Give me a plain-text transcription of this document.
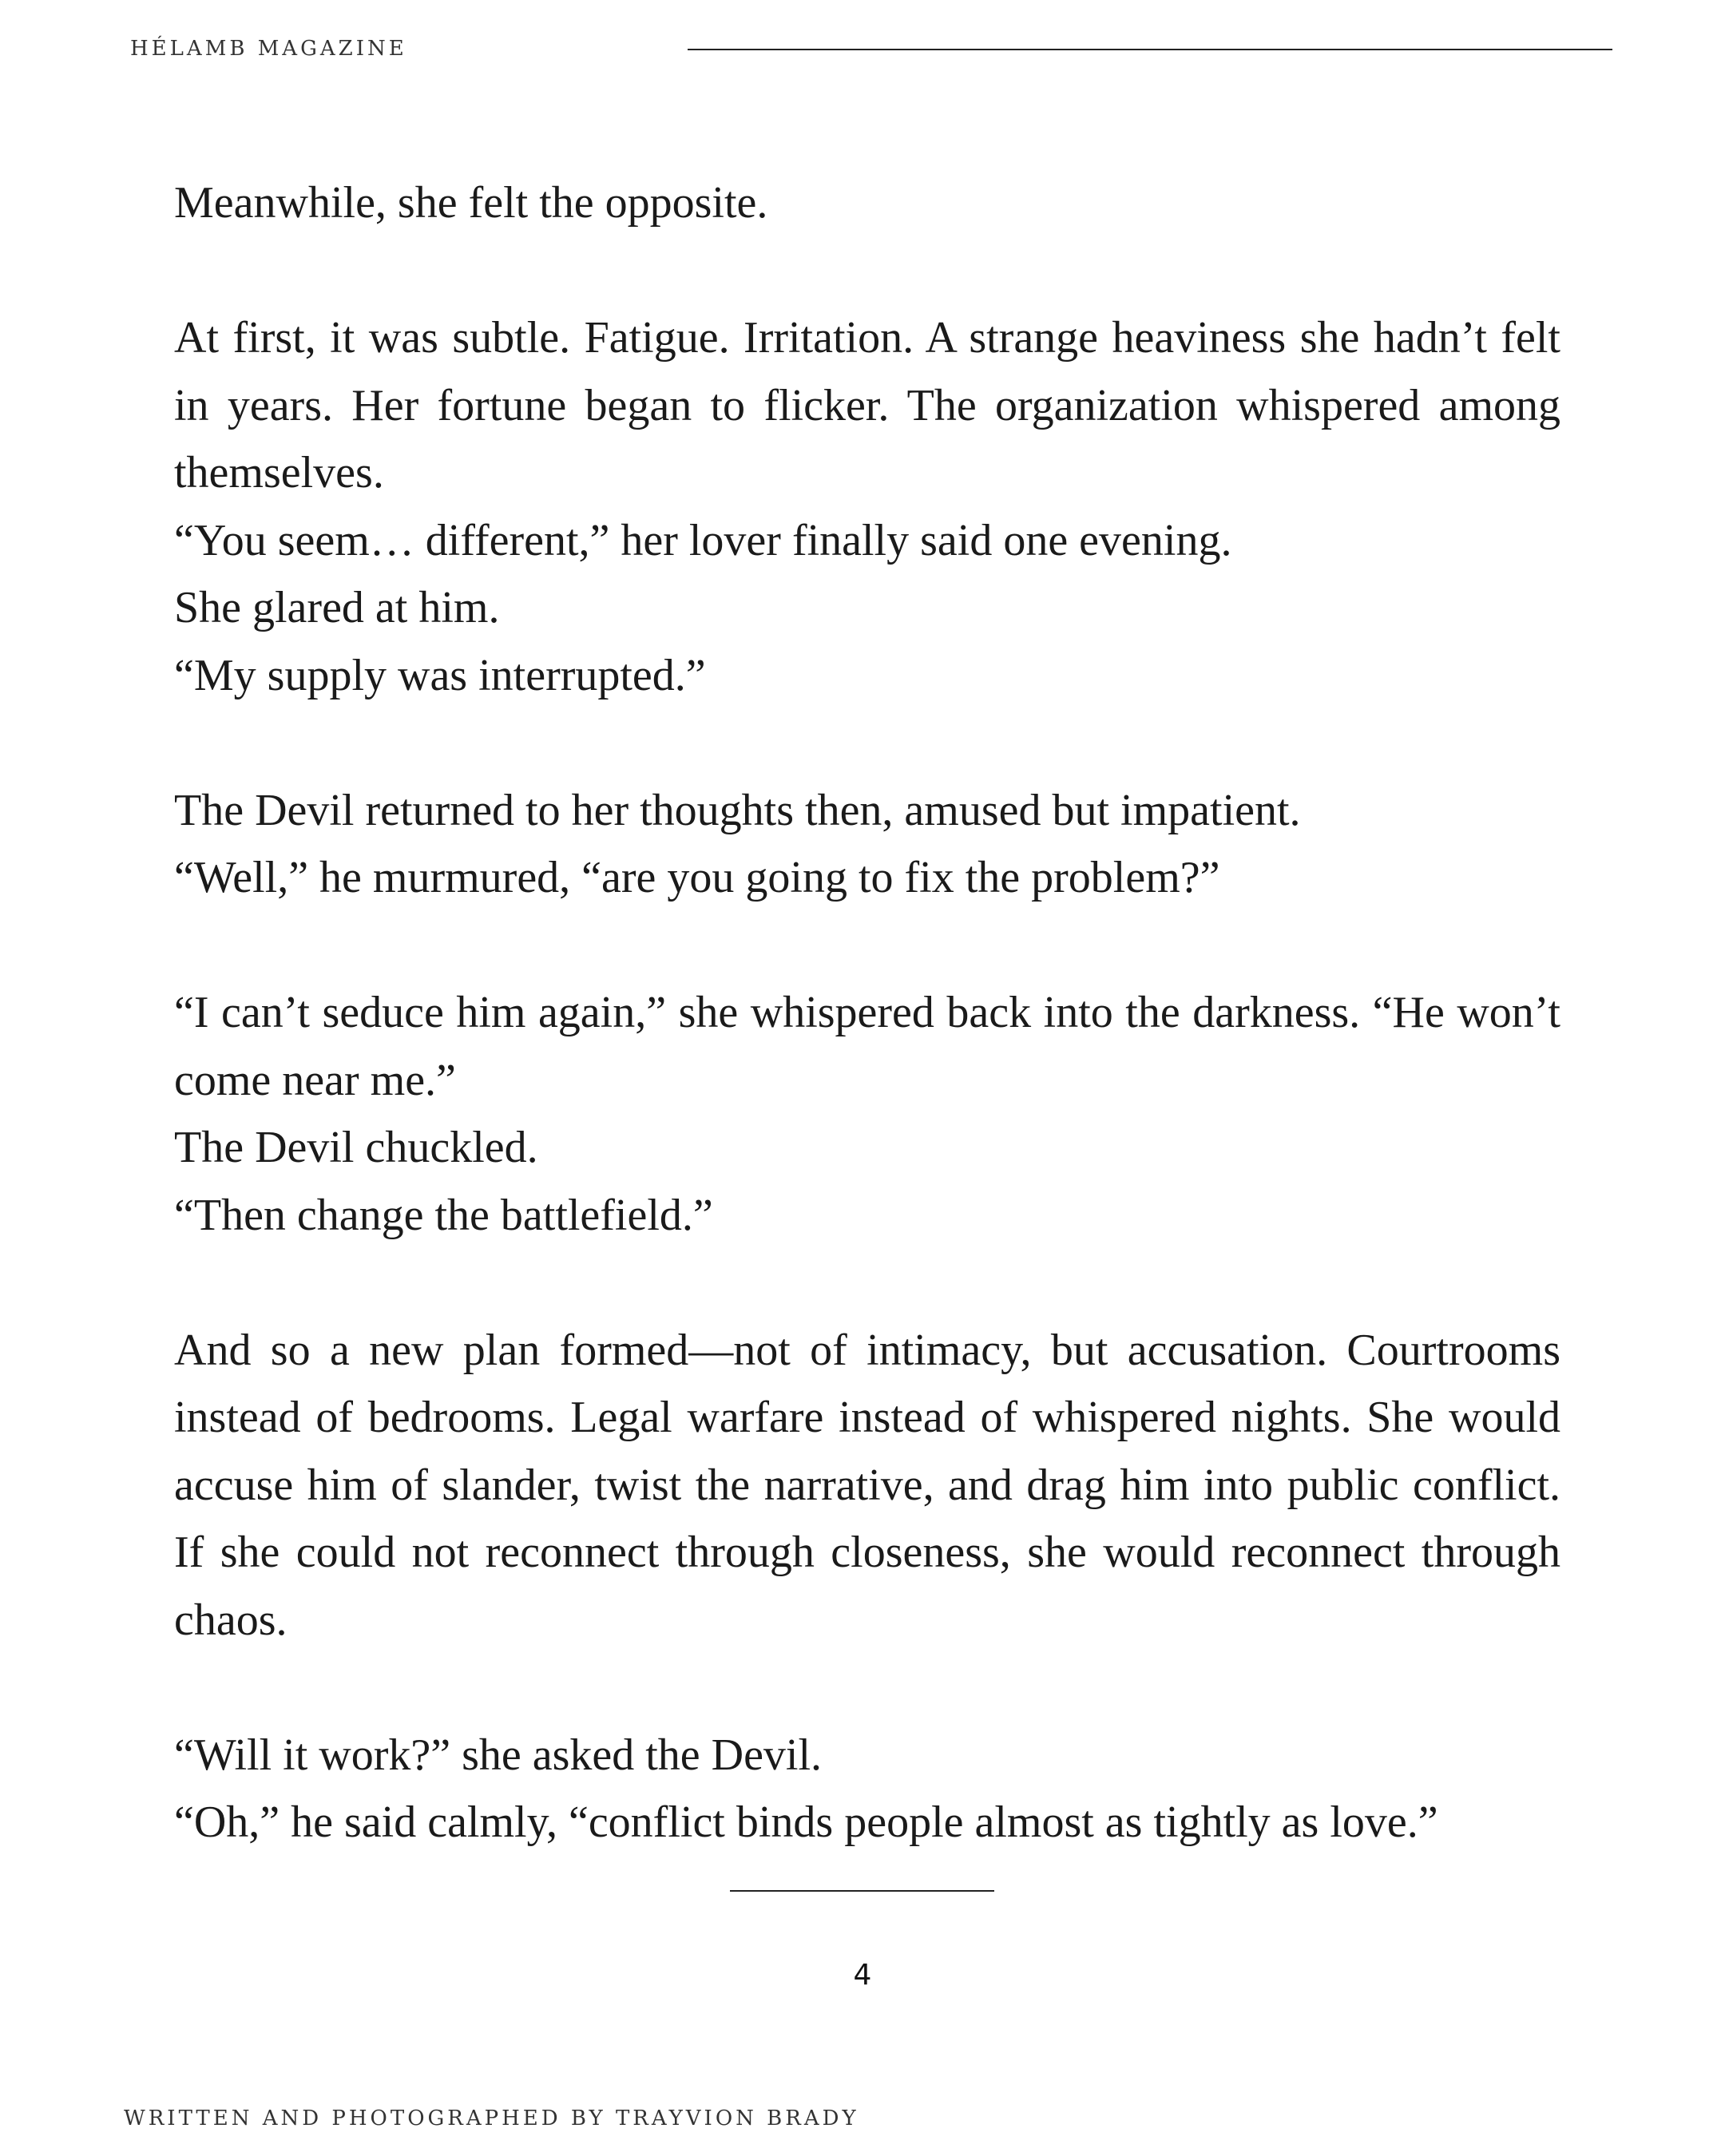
HÉLAMB MAGAZINE
Meanwhile, she felt the opposite.
At first, it was subtle. Fatigue. Irritation. A strange heaviness she hadn’t felt in years. Her fortune began to flicker. The organization whispered among themselves.
“You seem… different,” her lover finally said one evening.
She glared at him.
“My supply was interrupted.”
The Devil returned to her thoughts then, amused but impatient.
“Well,” he murmured, “are you going to fix the problem?”
“I can’t seduce him again,” she whispered back into the darkness. “He won’t come near me.”
The Devil chuckled.
“Then change the battlefield.”
And so a new plan formed—not of intimacy, but accusation. Courtrooms instead of bedrooms. Legal warfare instead of whispered nights. She would accuse him of slander, twist the narrative, and drag him into public conflict. If she could not reconnect through closeness, she would reconnect through chaos.
“Will it work?” she asked the Devil.
“Oh,” he said calmly, “conflict binds people almost as tightly as love.”
4
WRITTEN AND PHOTOGRAPHED BY TRAYVION BRADY
